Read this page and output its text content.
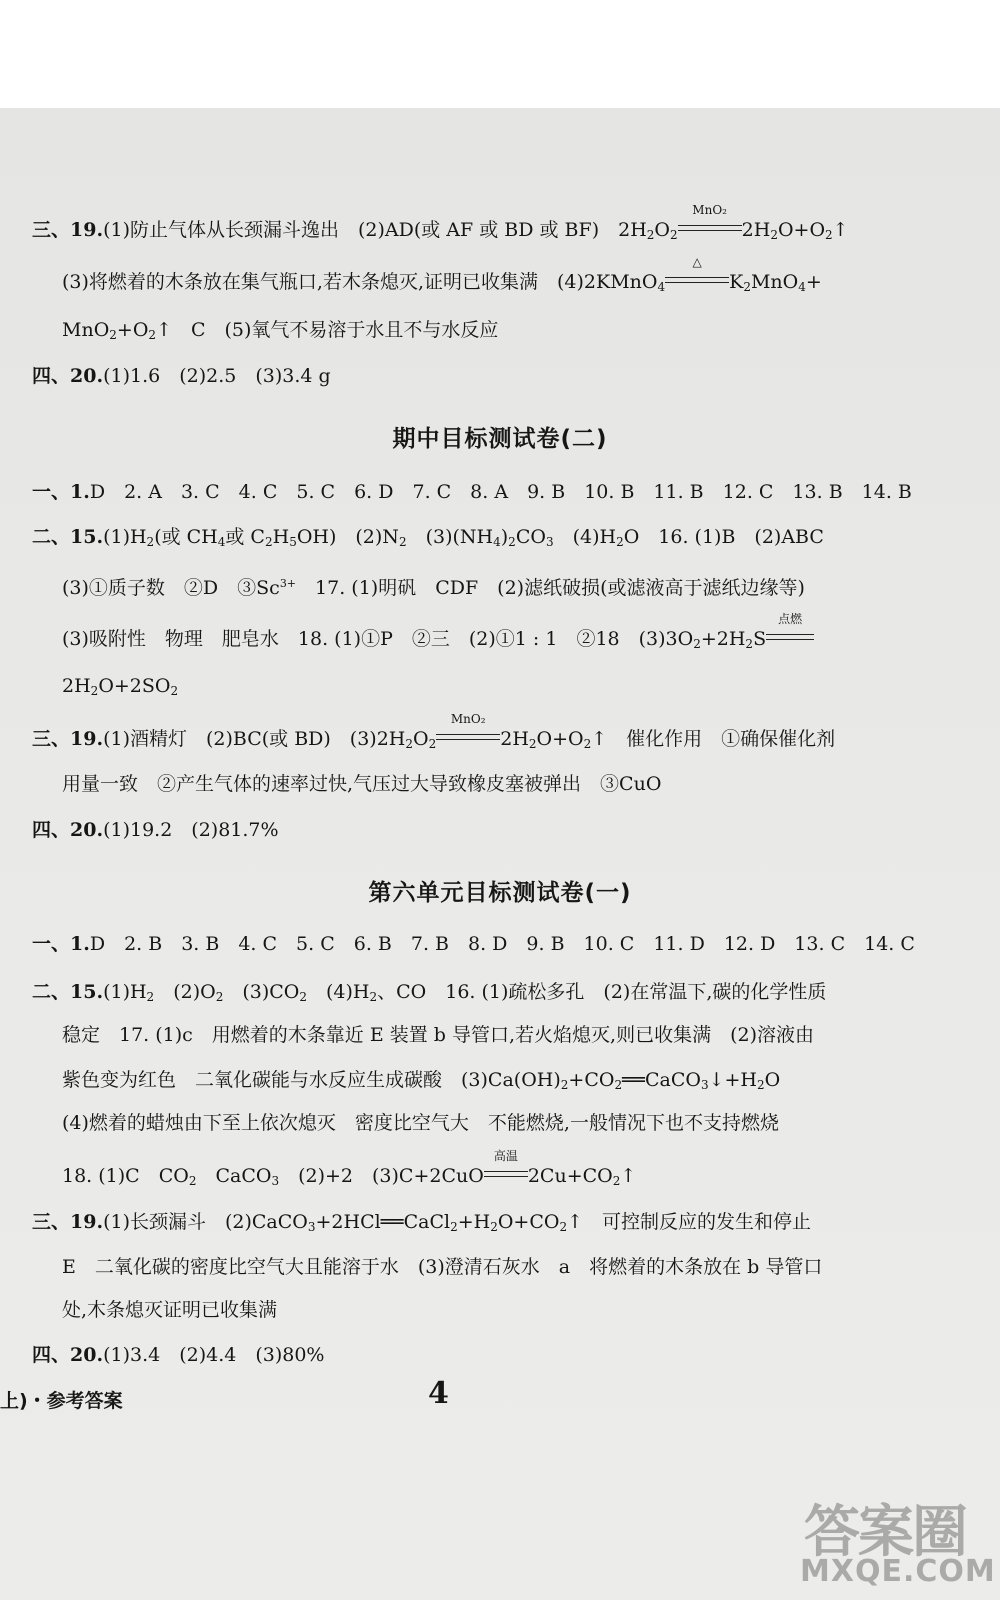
三、19.(1)防止气体从长颈漏斗逸出　(2)AD(或 AF 或 BD 或 BF)　$2H_2O_2$
MnO₂
$2H_2O+O_2↑$
(3)将燃着的木条放在集气瓶口,若木条熄灭,证明已收集满　(4)2KMnO$_4$
△
$K_2MnO_4+$
$MnO_2+O_2↑$　C　(5)氧气不易溶于水且不与水反应
四、20.(1)1.6　(2)2.5　(3)3.4 g
期中目标测试卷(二)
一、1.D　2. A　3. C　4. C　5. C　6. D　7. C　8. A　9. B　10. B　11. B　12. C　13. B　14. B
二、$15.(1)H_2$(或 $CH_4$或 $C_2H_5OH$)　$(2)N_2$　$(3)(NH_4)_2CO_3$　$(4)H_2O$　16. (1)B　(2)ABC
(3)①质子数　②D　$③Sc^{3+}$　17. (1)明矾　CDF　(2)滤纸破损(或滤液高于滤纸边缘等)
(3)吸附性　物理　肥皂水　18. (1)①P　②三　(2)①1 : 1　②18　$(3)3O_2+2H_2S$
点燃
$2H_2O+2SO_2$
三、19.(1)酒精灯　(2)BC(或 BD)　$(3)2H_2O_2$
MnO₂
$2H_2O+O_2↑$　催化作用　①确保催化剂
用量一致　②产生气体的速率过快,气压过大导致橡皮塞被弹出　③CuO
四、20.(1)19.2　(2)81.7%
第六单元目标测试卷(一)
一、1.D　2. B　3. B　4. C　5. C　6. B　7. B　8. D　9. B　10. C　11. D　12. D　13. C　14. C
二、$15.(1)H_2$　$(2)O_2$　$(3)CO_2$　$(4)H_2$、CO　16. (1)疏松多孔　(2)在常温下,碳的化学性质
稳定　17. (1)c　用燃着的木条靠近 E 装置 b 导管口,若火焰熄灭,则已收集满　(2)溶液由
紫色变为红色　二氧化碳能与水反应生成碳酸　$(3)Ca(OH)_2+CO_2══CaCO_3↓+H_2O$
(4)燃着的蜡烛由下至上依次熄灭　密度比空气大　不能燃烧,一般情况下也不支持燃烧
18. (1)C　$CO_2$　CaCO$_3$　(2)+2　(3)C+2CuO
高温
$2Cu+CO_2↑$
三、19.(1)长颈漏斗　$(2)CaCO_3+2HCl══CaCl_2+H_2O+CO_2↑$　可控制反应的发生和停止
E　二氧化碳的密度比空气大且能溶于水　(3)澄清石灰水　a　将燃着的木条放在 b 导管口
处,木条熄灭证明已收集满
四、20.(1)3.4　(2)4.4　(3)80%
上)・参考答案	4
答案圈
MXQE.COM
